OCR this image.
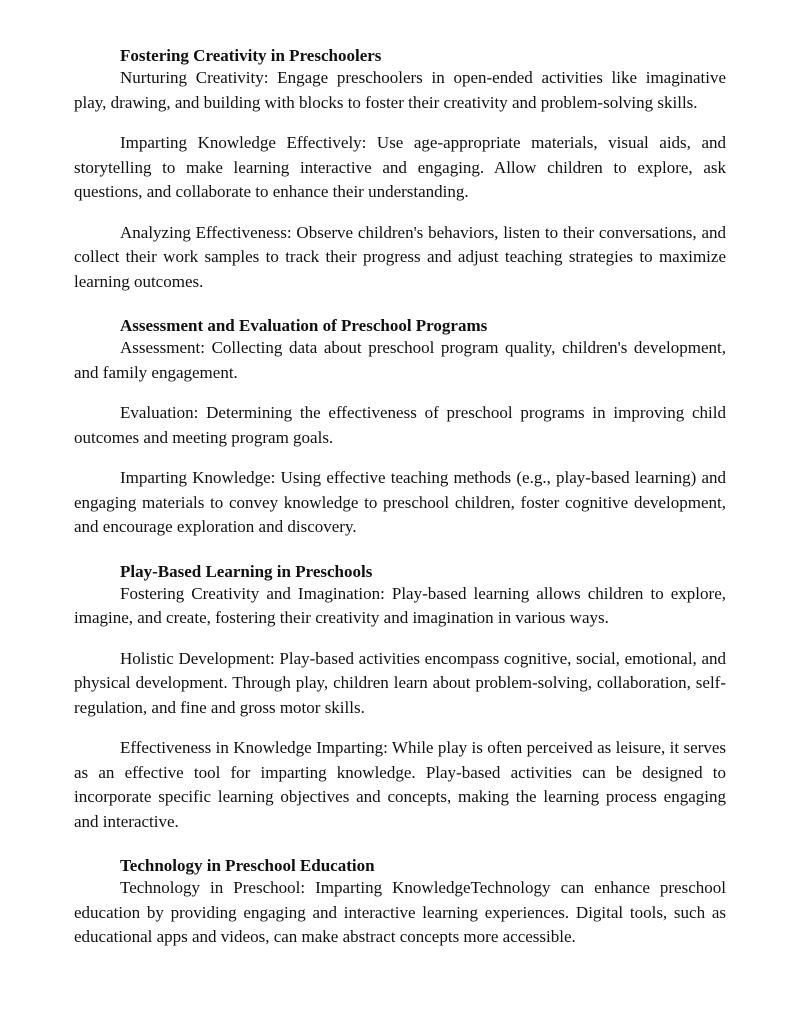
Fostering Creativity in Preschoolers

Nurturing Creativity: Engage preschoolers in open-ended activities like imaginative play, drawing, and building with blocks to foster their creativity and problem-solving skills.

Imparting Knowledge Effectively: Use age-appropriate materials, visual aids, and storytelling to make learning interactive and engaging. Allow children to explore, ask questions, and collaborate to enhance their understanding.

Analyzing Effectiveness: Observe children's behaviors, listen to their conversations, and collect their work samples to track their progress and adjust teaching strategies to maximize learning outcomes.

Assessment and Evaluation of Preschool Programs

Assessment: Collecting data about preschool program quality, children's development, and family engagement.

Evaluation: Determining the effectiveness of preschool programs in improving child outcomes and meeting program goals.

Imparting Knowledge: Using effective teaching methods (e.g., play-based learning) and engaging materials to convey knowledge to preschool children, foster cognitive development, and encourage exploration and discovery.

Play-Based Learning in Preschools

Fostering Creativity and Imagination: Play-based learning allows children to explore, imagine, and create, fostering their creativity and imagination in various ways.

Holistic Development: Play-based activities encompass cognitive, social, emotional, and physical development. Through play, children learn about problem-solving, collaboration, self-regulation, and fine and gross motor skills.

Effectiveness in Knowledge Imparting: While play is often perceived as leisure, it serves as an effective tool for imparting knowledge. Play-based activities can be designed to incorporate specific learning objectives and concepts, making the learning process engaging and interactive.

Technology in Preschool Education

Technology in Preschool: Imparting KnowledgeTechnology can enhance preschool education by providing engaging and interactive learning experiences. Digital tools, such as educational apps and videos, can make abstract concepts more accessible.
